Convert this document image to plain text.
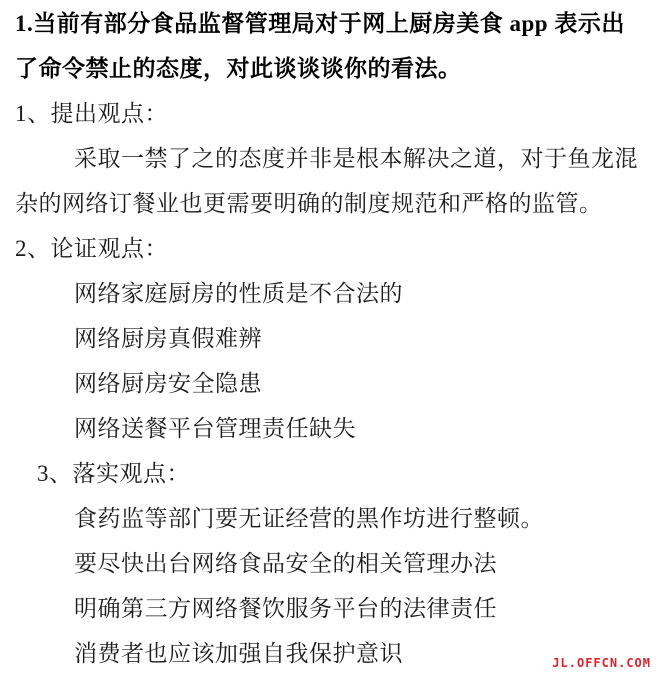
1.当前有部分食品监督管理局对于网上厨房美食 app 表示出
了命令禁止的态度，对此谈谈谈你的看法。
1、提出观点：
采取一禁了之的态度并非是根本解决之道，对于鱼龙混
杂的网络订餐业也更需要明确的制度规范和严格的监管。
2、论证观点：
网络家庭厨房的性质是不合法的
网络厨房真假难辨
网络厨房安全隐患
网络送餐平台管理责任缺失
3、落实观点：
食药监等部门要无证经营的黑作坊进行整顿。
要尽快出台网络食品安全的相关管理办法
明确第三方网络餐饮服务平台的法律责任
消费者也应该加强自我保护意识	JL.OFFCN.COM
